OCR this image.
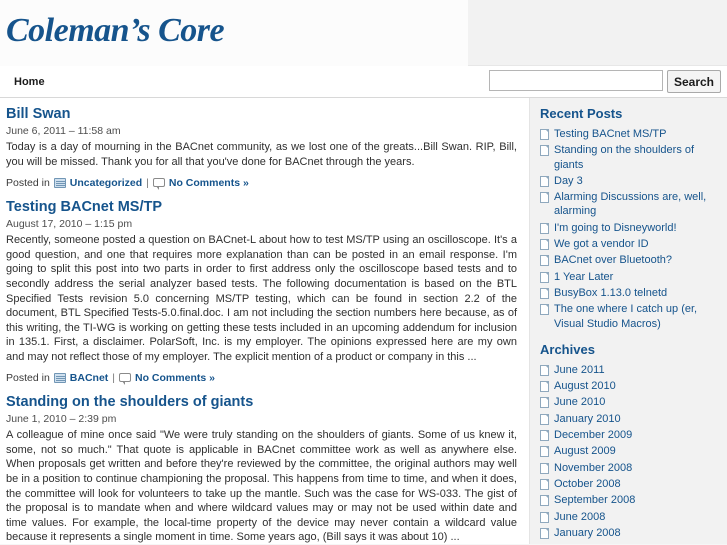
Coleman’s Core
Home	Search
Bill Swan
June 6, 2011 – 11:58 am

Today is a day of mourning in the BACnet community, as we lost one of the greats...Bill Swan. RIP, Bill, you will be missed. Thank you for all that you've done for BACnet through the years.

Posted in Uncategorized | No Comments »
Testing BACnet MS/TP
August 17, 2010 – 1:15 pm

Recently, someone posted a question on BACnet-L about how to test MS/TP using an oscilloscope. It's a good question, and one that requires more explanation than can be posted in an email response. I'm going to split this post into two parts in order to first address only the oscilloscope based tests and to secondly address the serial analyzer based tests. The following documentation is based on the BTL Specified Tests revision 5.0 concerning MS/TP testing, which can be found in section 2.2 of the document, BTL Specified Tests-5.0.final.doc. I am not including the section numbers here because, as of this writing, the TI-WG is working on getting these tests included in an upcoming addendum for inclusion in 135.1. First, a disclaimer. PolarSoft, Inc. is my employer. The opinions expressed here are my own and may not reflect those of my employer. The explicit mention of a product or company in this ...

Posted in BACnet | No Comments »
Standing on the shoulders of giants
June 1, 2010 – 2:39 pm

A colleague of mine once said "We were truly standing on the shoulders of giants. Some of us knew it, some, not so much." That quote is applicable in BACnet committee work as well as anywhere else. When proposals get written and before they're reviewed by the committee, the original authors may well be in a position to continue championing the proposal. This happens from time to time, and when it does, the committee will look for volunteers to take up the mantle. Such was the case for WS-033. The gist of the proposal is to mandate when and where wildcard values may or may not be used within date and time values. For example, the local-time property of the device may never contain a wildcard value because it represents a single moment in time. Some years ago, (Bill says it was about 10) ...

Recent Posts
Testing BACnet MS/TP
Standing on the shoulders of giants
Day 3
Alarming Discussions are, well, alarming
I'm going to Disneyworld!
We got a vendor ID
BACnet over Bluetooth?
1 Year Later
BusyBox 1.13.0 telnetd
The one where I catch up (er, Visual Studio Macros)
Archives
June 2011
August 2010
June 2010
January 2010
December 2009
August 2009
November 2008
October 2008
September 2008
June 2008
January 2008
